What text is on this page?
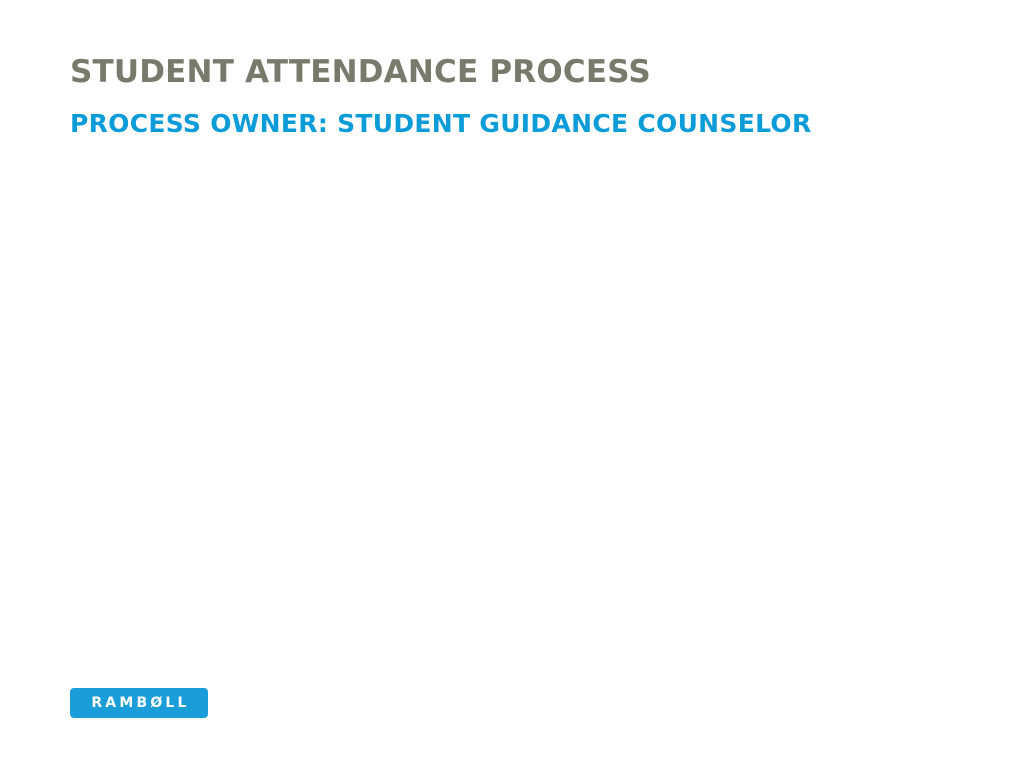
STUDENT ATTENDANCE PROCESS
PROCESS OWNER: STUDENT GUIDANCE COUNSELOR
RAMBØLL
